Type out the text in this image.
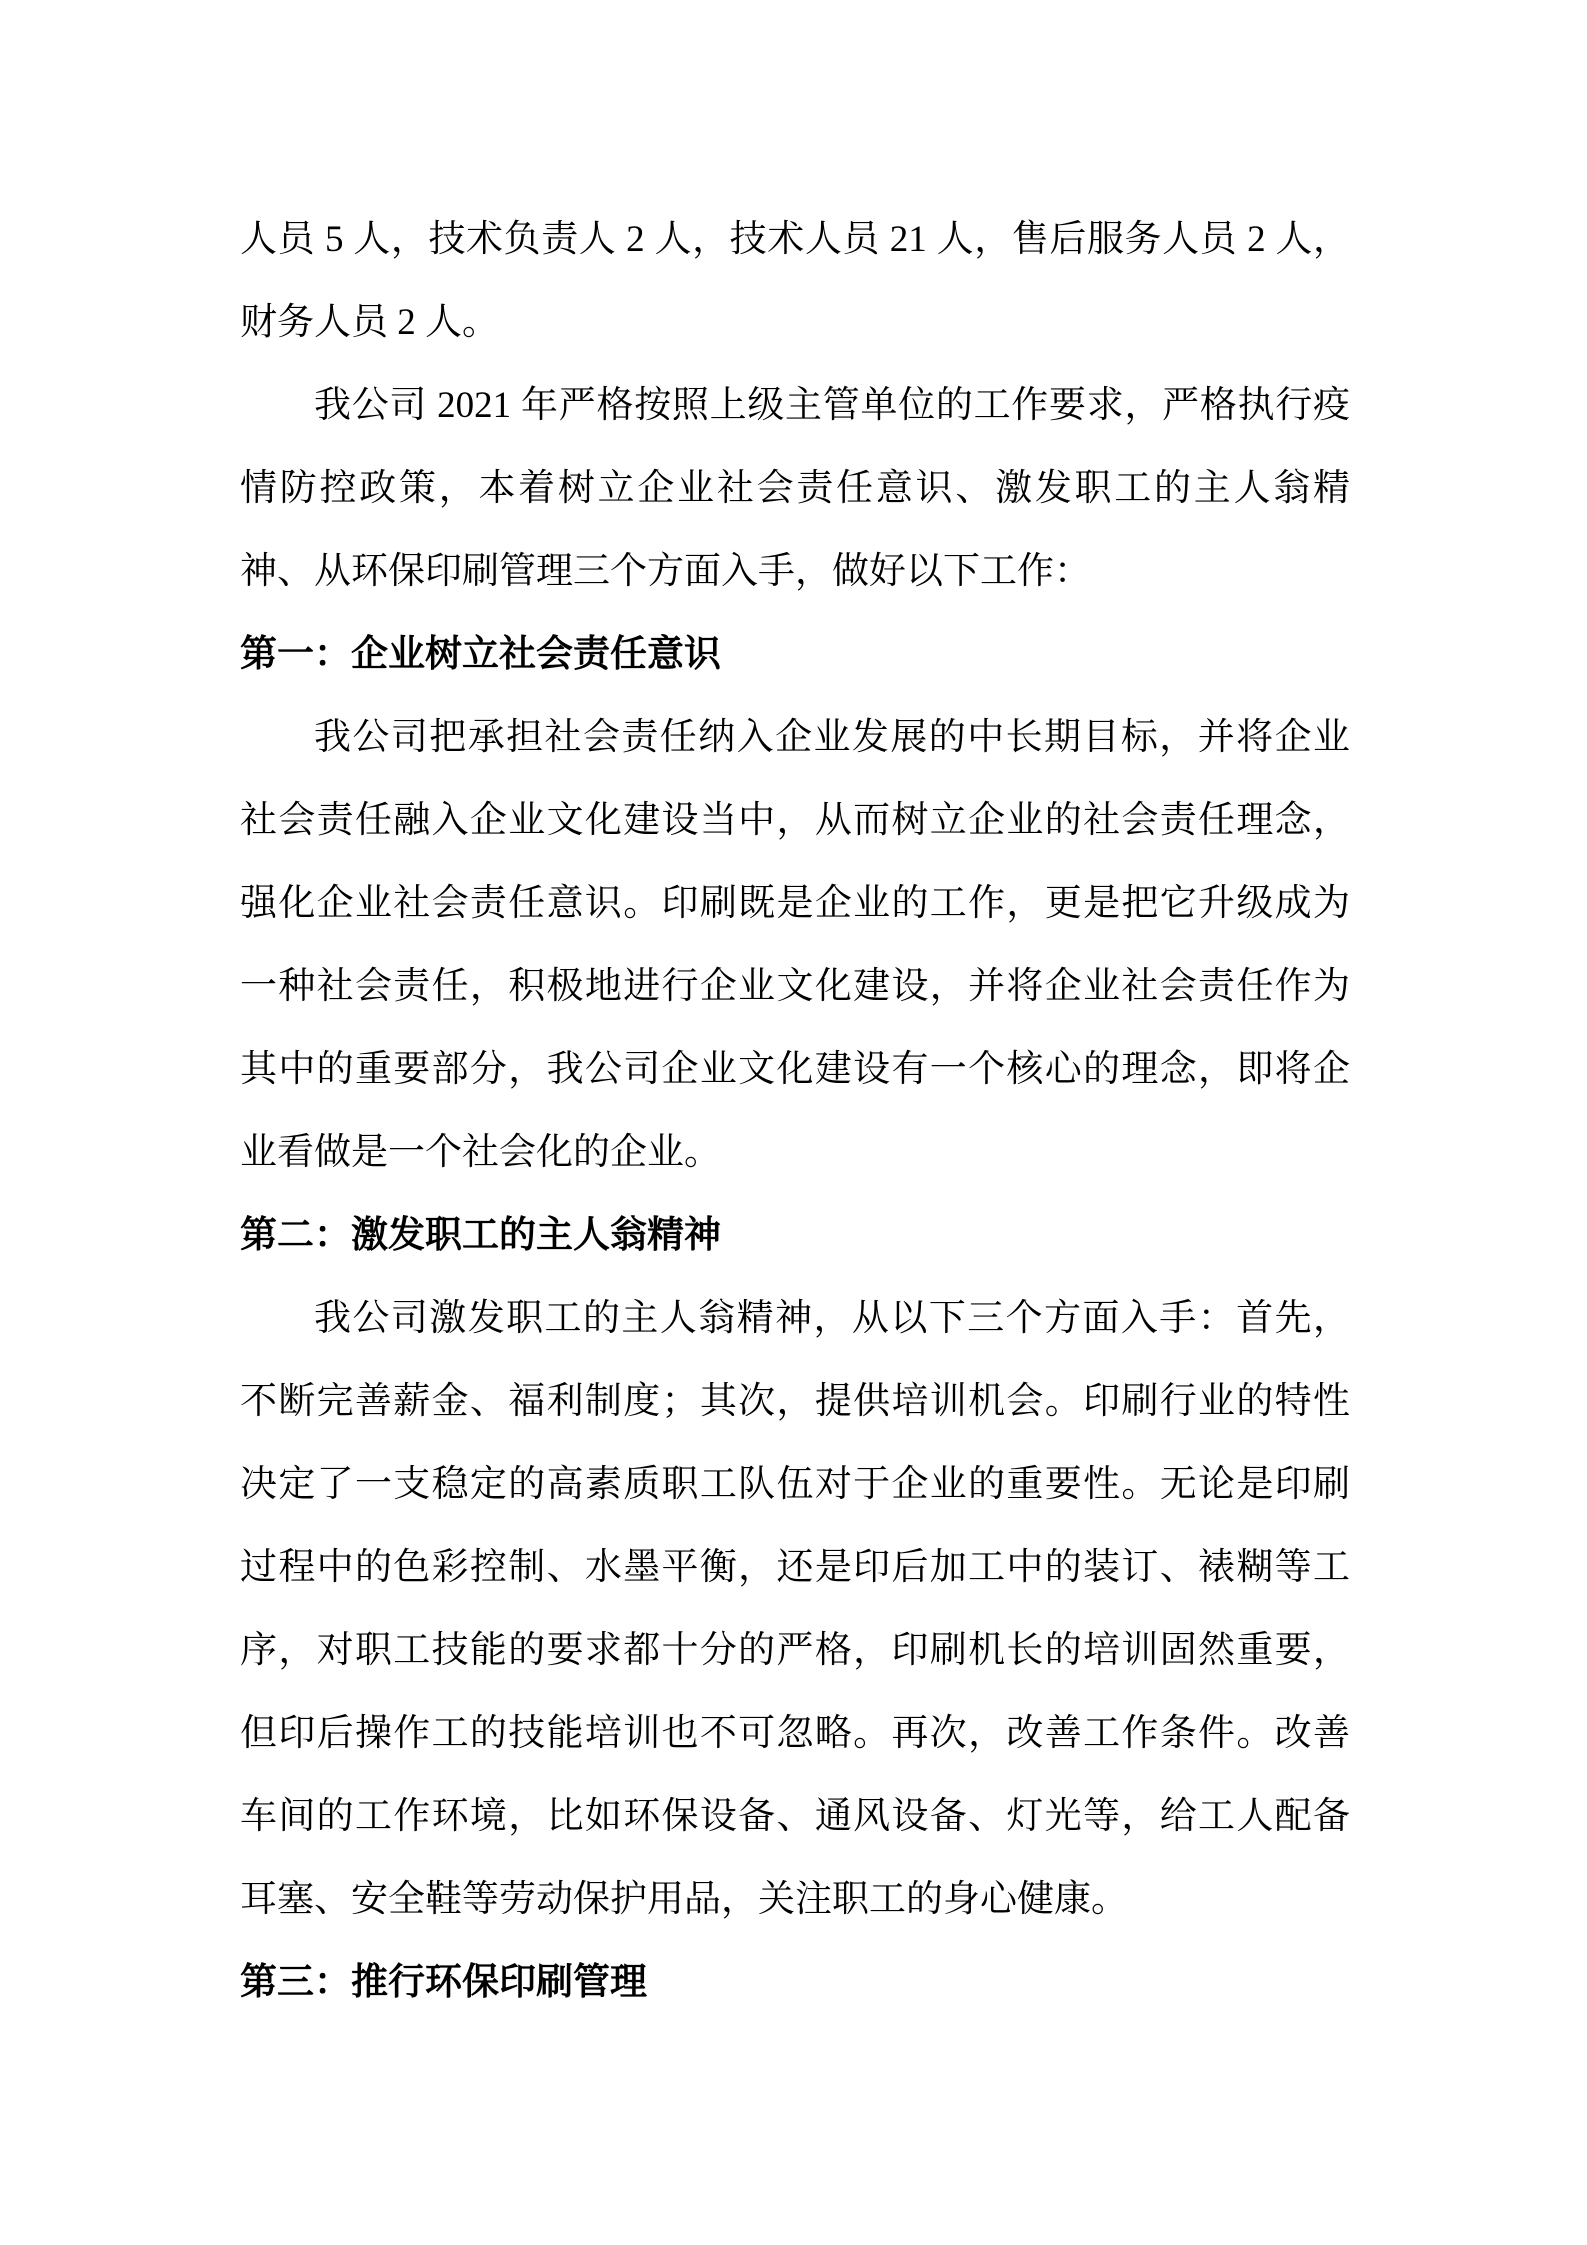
人员 5 人，技术负责人 2 人，技术人员 21 人，售后服务人员 2 人，
财务人员 2 人。
我公司 2021 年严格按照上级主管单位的工作要求，严格执行疫
情防控政策，本着树立企业社会责任意识、激发职工的主人翁精
神、从环保印刷管理三个方面入手，做好以下工作：
第一：企业树立社会责任意识
我公司把承担社会责任纳入企业发展的中长期目标，并将企业
社会责任融入企业文化建设当中，从而树立企业的社会责任理念，
强化企业社会责任意识。印刷既是企业的工作，更是把它升级成为
一种社会责任，积极地进行企业文化建设，并将企业社会责任作为
其中的重要部分，我公司企业文化建设有一个核心的理念，即将企
业看做是一个社会化的企业。
第二：激发职工的主人翁精神
我公司激发职工的主人翁精神，从以下三个方面入手：首先，
不断完善薪金、福利制度；其次，提供培训机会。印刷行业的特性
决定了一支稳定的高素质职工队伍对于企业的重要性。无论是印刷
过程中的色彩控制、水墨平衡，还是印后加工中的装订、裱糊等工
序，对职工技能的要求都十分的严格，印刷机长的培训固然重要，
但印后操作工的技能培训也不可忽略。再次，改善工作条件。改善
车间的工作环境，比如环保设备、通风设备、灯光等，给工人配备
耳塞、安全鞋等劳动保护用品，关注职工的身心健康。
第三：推行环保印刷管理
